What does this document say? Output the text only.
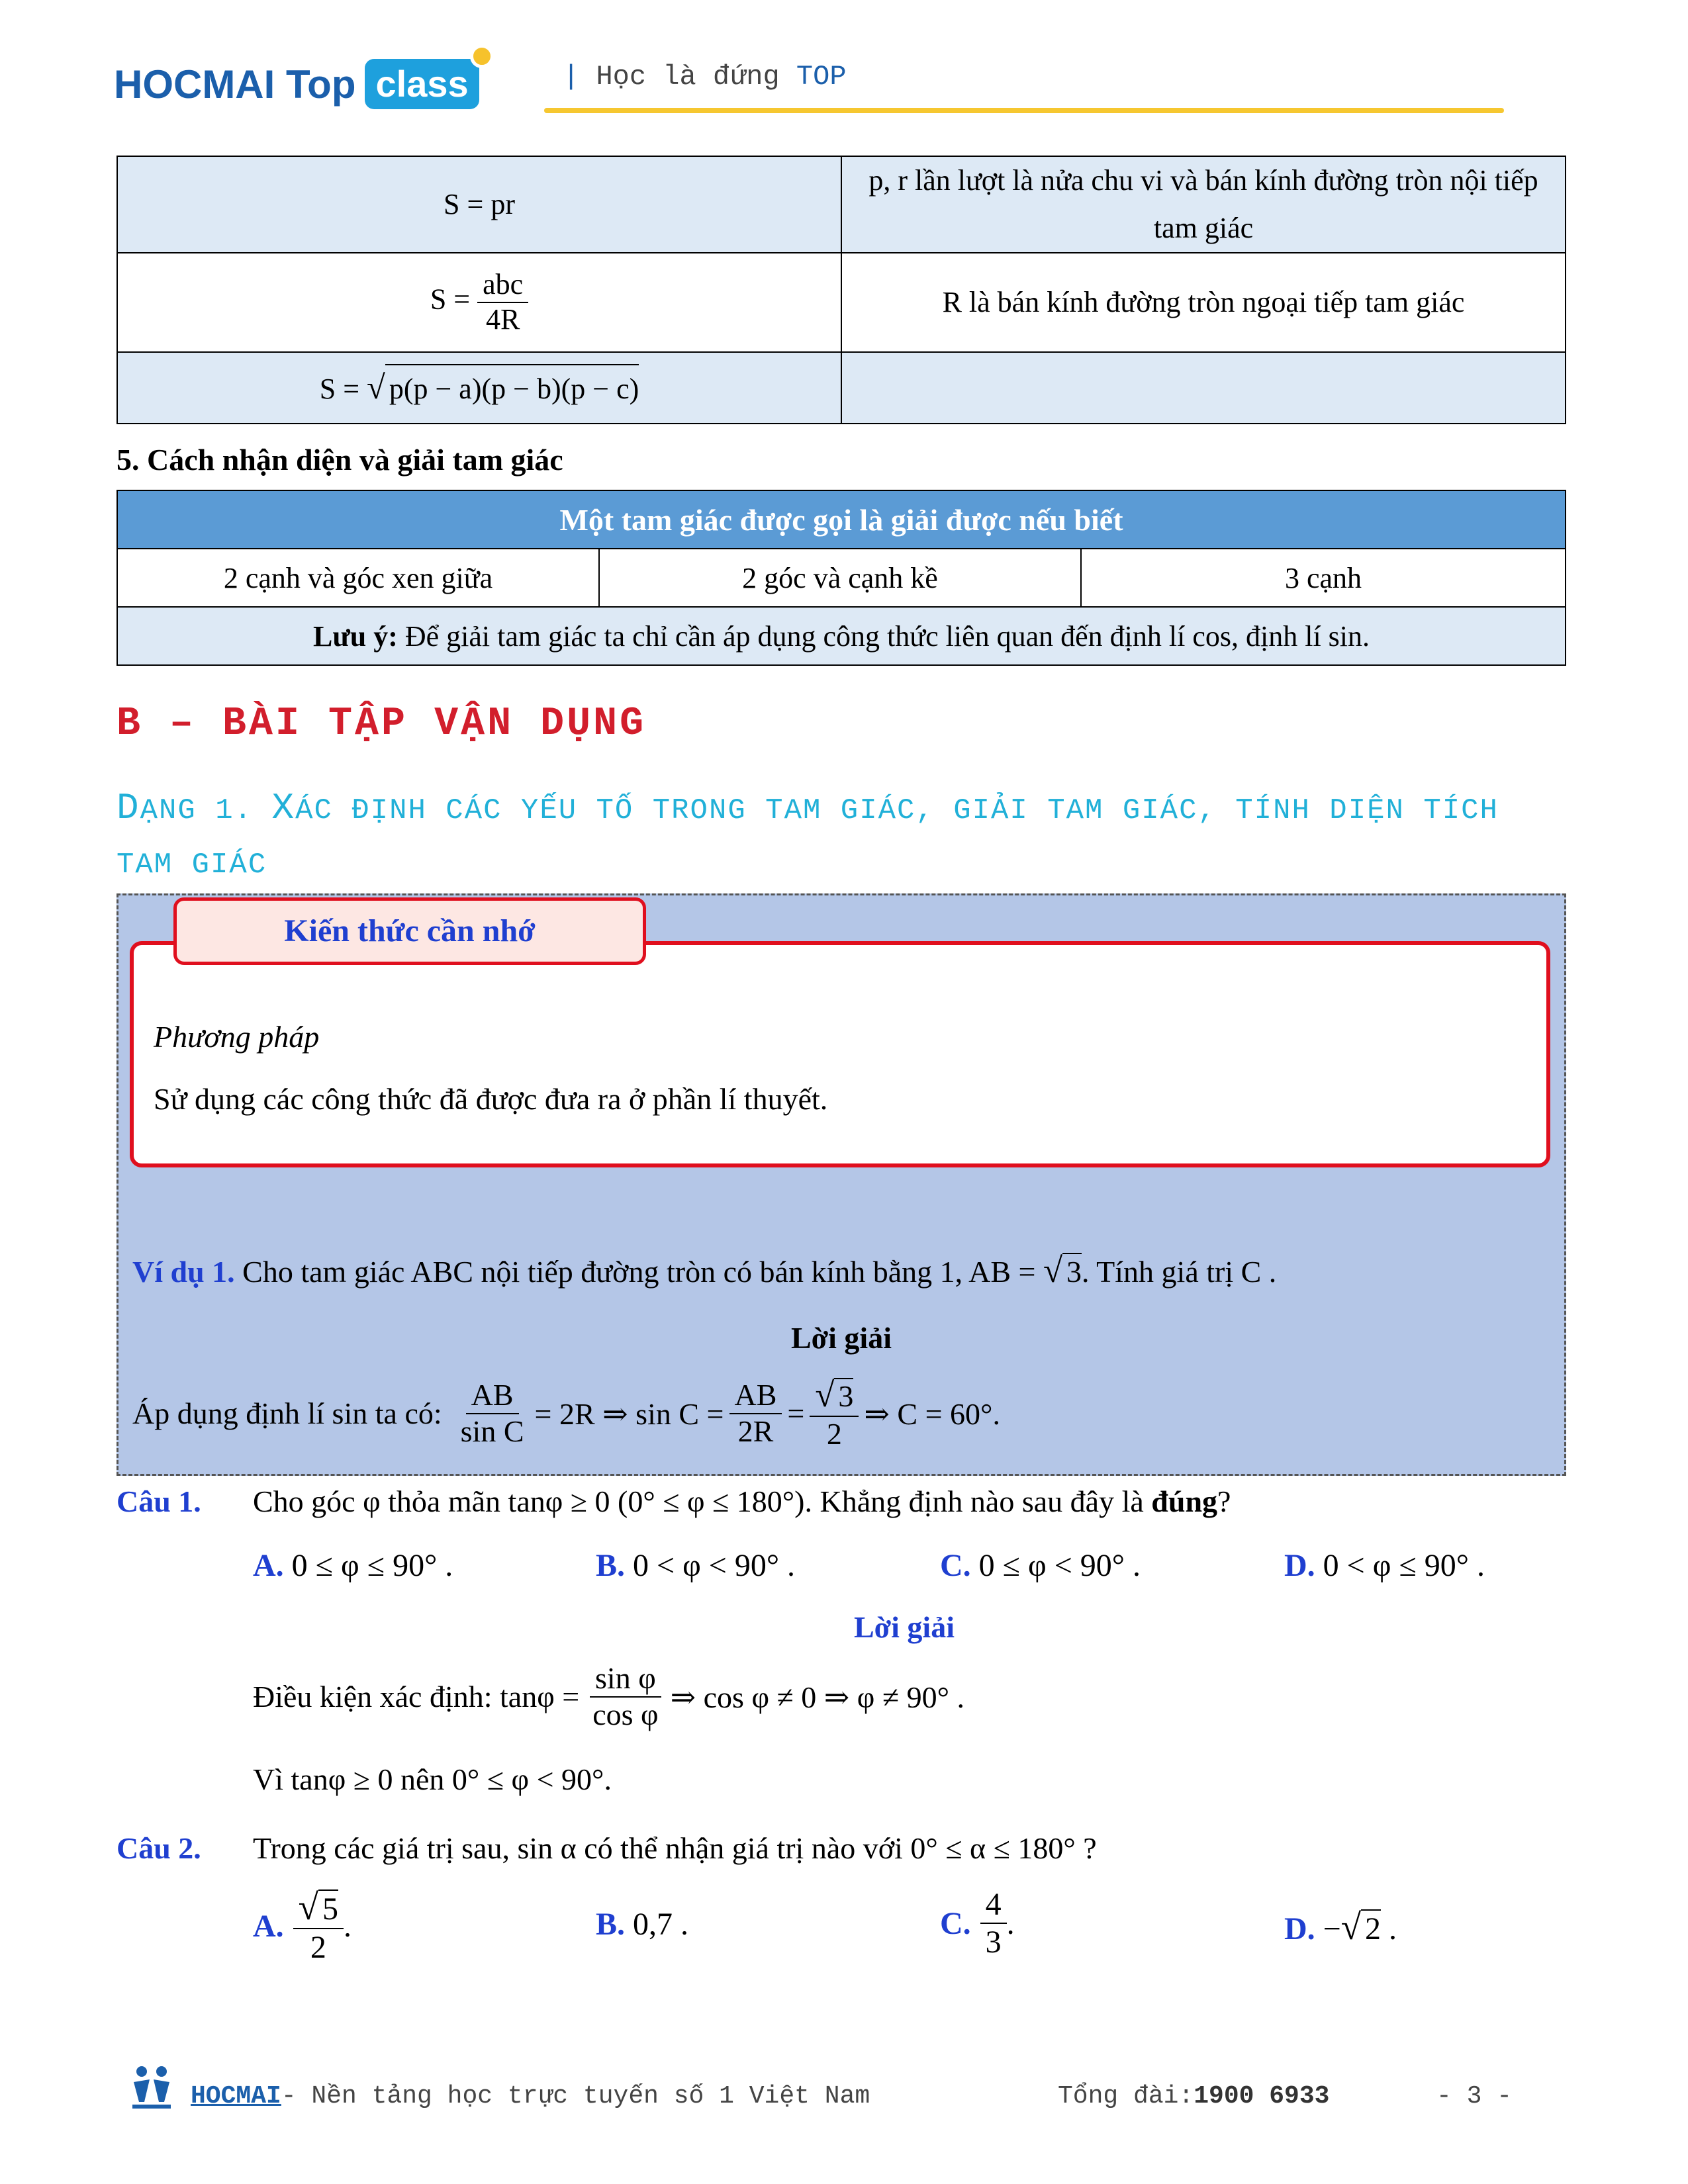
HOCMAI Top class	| Học là đứng TOP
S = pr	p, r lần lượt là nửa chu vi và bán kính đường tròn nội tiếp tam giác
$S = \frac{\text{abc}}{4R}$	R là bán kính đường tròn ngoại tiếp tam giác
S = √ p(p − a)(p − b)(p − c)	
5. Cách nhận diện và giải tam giác
Một tam giác được gọi là giải được nếu biết
2 cạnh và góc xen giữa	2 góc và cạnh kề	3 cạnh
Lưu ý: Để giải tam giác ta chỉ cần áp dụng công thức liên quan đến định lí cos, định lí sin.
B – BÀI TẬP VẬN DỤNG
DẠNG 1. XÁC ĐỊNH CÁC YẾU TỐ TRONG TAM GIÁC, GIẢI TAM GIÁC, TÍNH DIỆN TÍCH TAM GIÁC
Kiến thức cần nhớ
Phương pháp
Sử dụng các công thức đã được đưa ra ở phần lí thuyết.
Ví dụ 1. Cho tam giác ABC nội tiếp đường tròn có bán kính bằng 1, AB = √ 3. Tính giá trị C .
Lời giải
Áp dụng định lí sin ta có: $\frac{AB}{\text{sin C}} = 2R$ ⇒ $\sin C = \frac{AB}{2R} = \frac{√ 3}{2}$ ⇒ C = 60°.
Câu 1. Cho góc φ thỏa mãn tanφ ≥ 0 (0° ≤ φ ≤ 180°). Khẳng định nào sau đây là đúng?
A. 0 ≤ φ ≤ 90° .	B. 0 < φ < 90° .	C. 0 ≤ φ < 90° .	D. 0 < φ ≤ 90° .
Lời giải
Điều kiện xác định: $\tan\varphi = \frac{\text{sin φ}}{\text{cos φ}}$ ⇒ cos φ ≠ 0 ⇒ φ ≠ 90° .
Vì tanφ ≥ 0 nên 0° ≤ φ < 90°.
Câu 2. Trong các giá trị sau, sin α có thể nhận giá trị nào với 0° ≤ α ≤ 180° ?
A. $\frac{√ 5}{2}$ .	B. 0,7 .	C. $\frac{4}{3}$ .	D. −√ 2 .
HOCMAI - Nền tảng học trực tuyến số 1 Việt Nam	Tổng đài: 1900 6933	- 3 -
